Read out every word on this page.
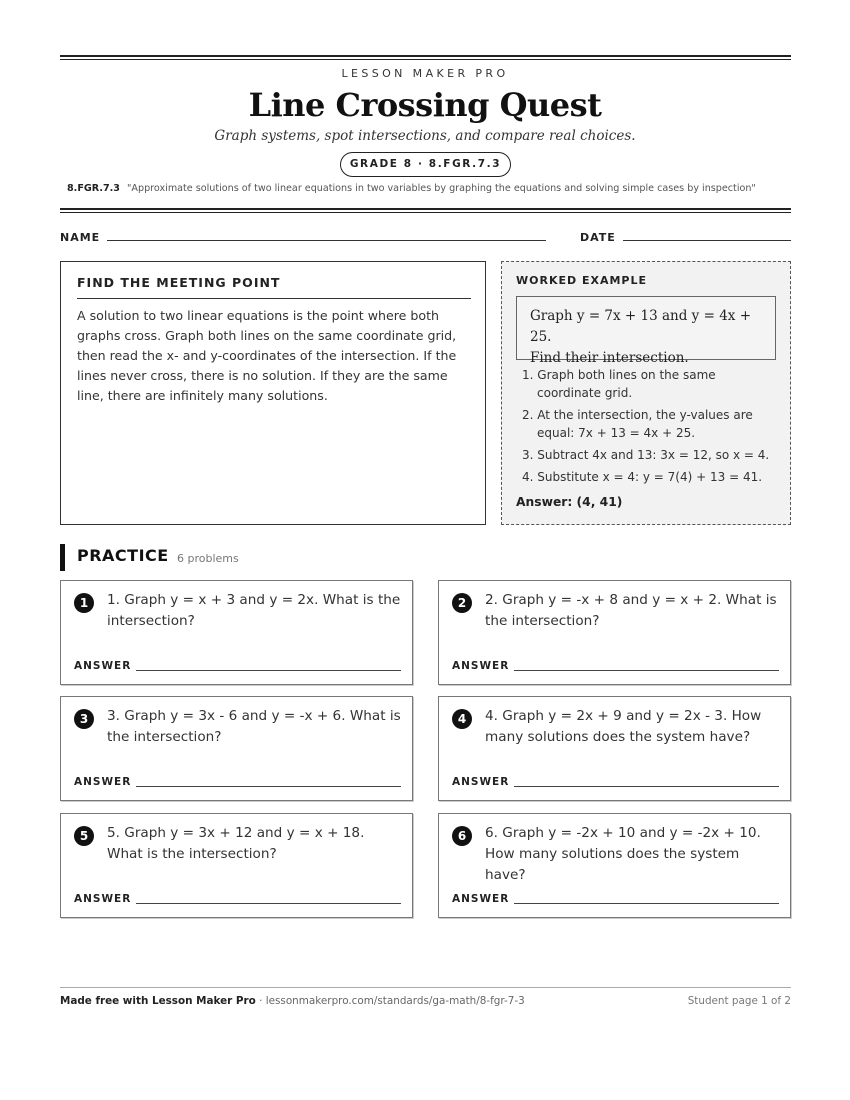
LESSON MAKER PRO
Line Crossing Quest
Graph systems, spot intersections, and compare real choices.
GRADE 8 · 8.FGR.7.3
8.FGR.7.3 "Approximate solutions of two linear equations in two variables by graphing the equations and solving simple cases by inspection"
NAME	DATE
FIND THE MEETING POINT

A solution to two linear equations is the point where both graphs cross. Graph both lines on the same coordinate grid, then read the x- and y-coordinates of the intersection. If the lines never cross, there is no solution. If they are the same line, there are infinitely many solutions.

WORKED EXAMPLE
Graph y = 7x + 13 and y = 4x + 25.
Find their intersection.
1. Graph both lines on the same coordinate grid.
2. At the intersection, the y-values are equal: 7x + 13 = 4x + 25.
3. Subtract 4x and 13: 3x = 12, so x = 4.
4. Substitute x = 4: y = 7(4) + 13 = 41.
Answer: (4, 41)
PRACTICE 6 problems
1	1. Graph y = x + 3 and y = 2x. What is the intersection?
ANSWER
2	2. Graph y = -x + 8 and y = x + 2. What is the intersection?
ANSWER
3	3. Graph y = 3x - 6 and y = -x + 6. What is the intersection?
ANSWER
4	4. Graph y = 2x + 9 and y = 2x - 3. How many solutions does the system have?
ANSWER
5	5. Graph y = 3x + 12 and y = x + 18. What is the intersection?
ANSWER
6	6. Graph y = -2x + 10 and y = -2x + 10. How many solutions does the system have?
ANSWER
Made free with Lesson Maker Pro · lessonmakerpro.com/standards/ga-math/8-fgr-7-3	Student page 1 of 2
